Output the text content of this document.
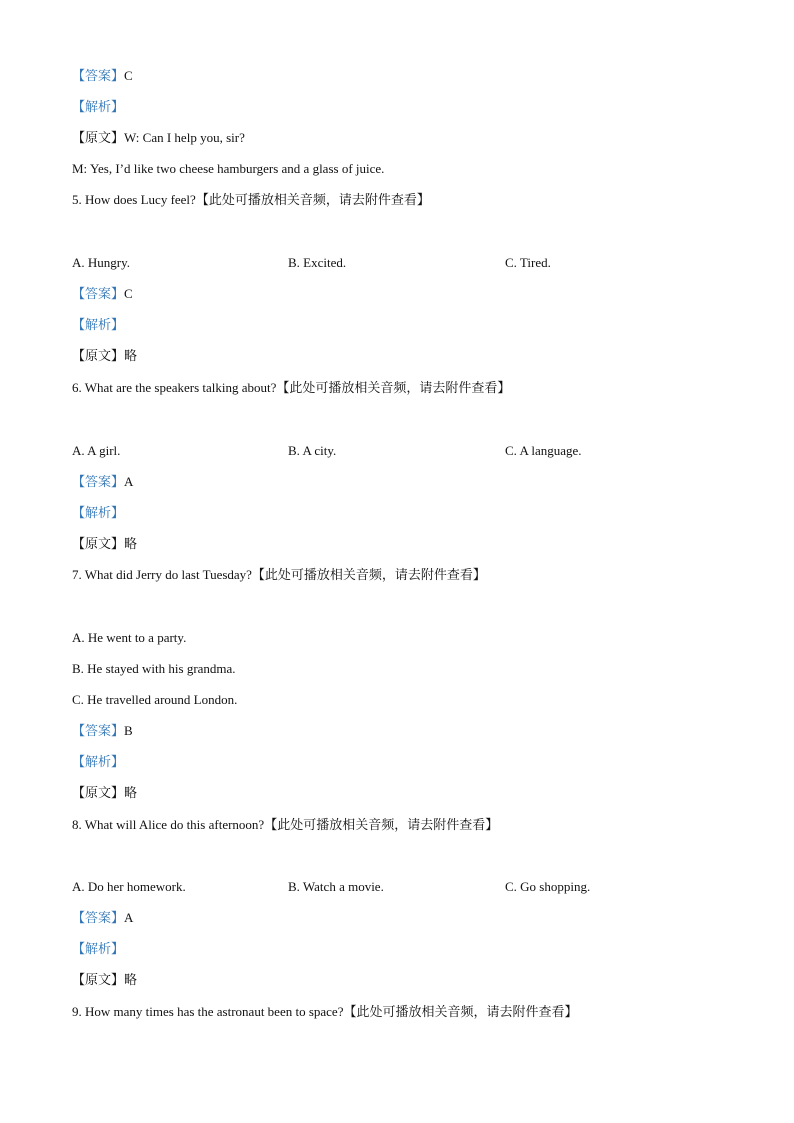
【答案】C
【解析】
【原文】W: Can I help you, sir?
M: Yes, I’d like two cheese hamburgers and a glass of juice.
5. How does Lucy feel?【此处可播放相关音频，请去附件查看】
A. Hungry.	B. Excited.	C. Tired.
【答案】C
【解析】
【原文】略
6. What are the speakers talking about?【此处可播放相关音频，请去附件查看】
A. A girl.	B. A city.	C. A language.
【答案】A
【解析】
【原文】略
7. What did Jerry do last Tuesday?【此处可播放相关音频，请去附件查看】
A. He went to a party.
B. He stayed with his grandma.
C. He travelled around London.
【答案】B
【解析】
【原文】略
8. What will Alice do this afternoon?【此处可播放相关音频，请去附件查看】
A. Do her homework.	B. Watch a movie.	C. Go shopping.
【答案】A
【解析】
【原文】略
9. How many times has the astronaut been to space?【此处可播放相关音频，请去附件查看】
